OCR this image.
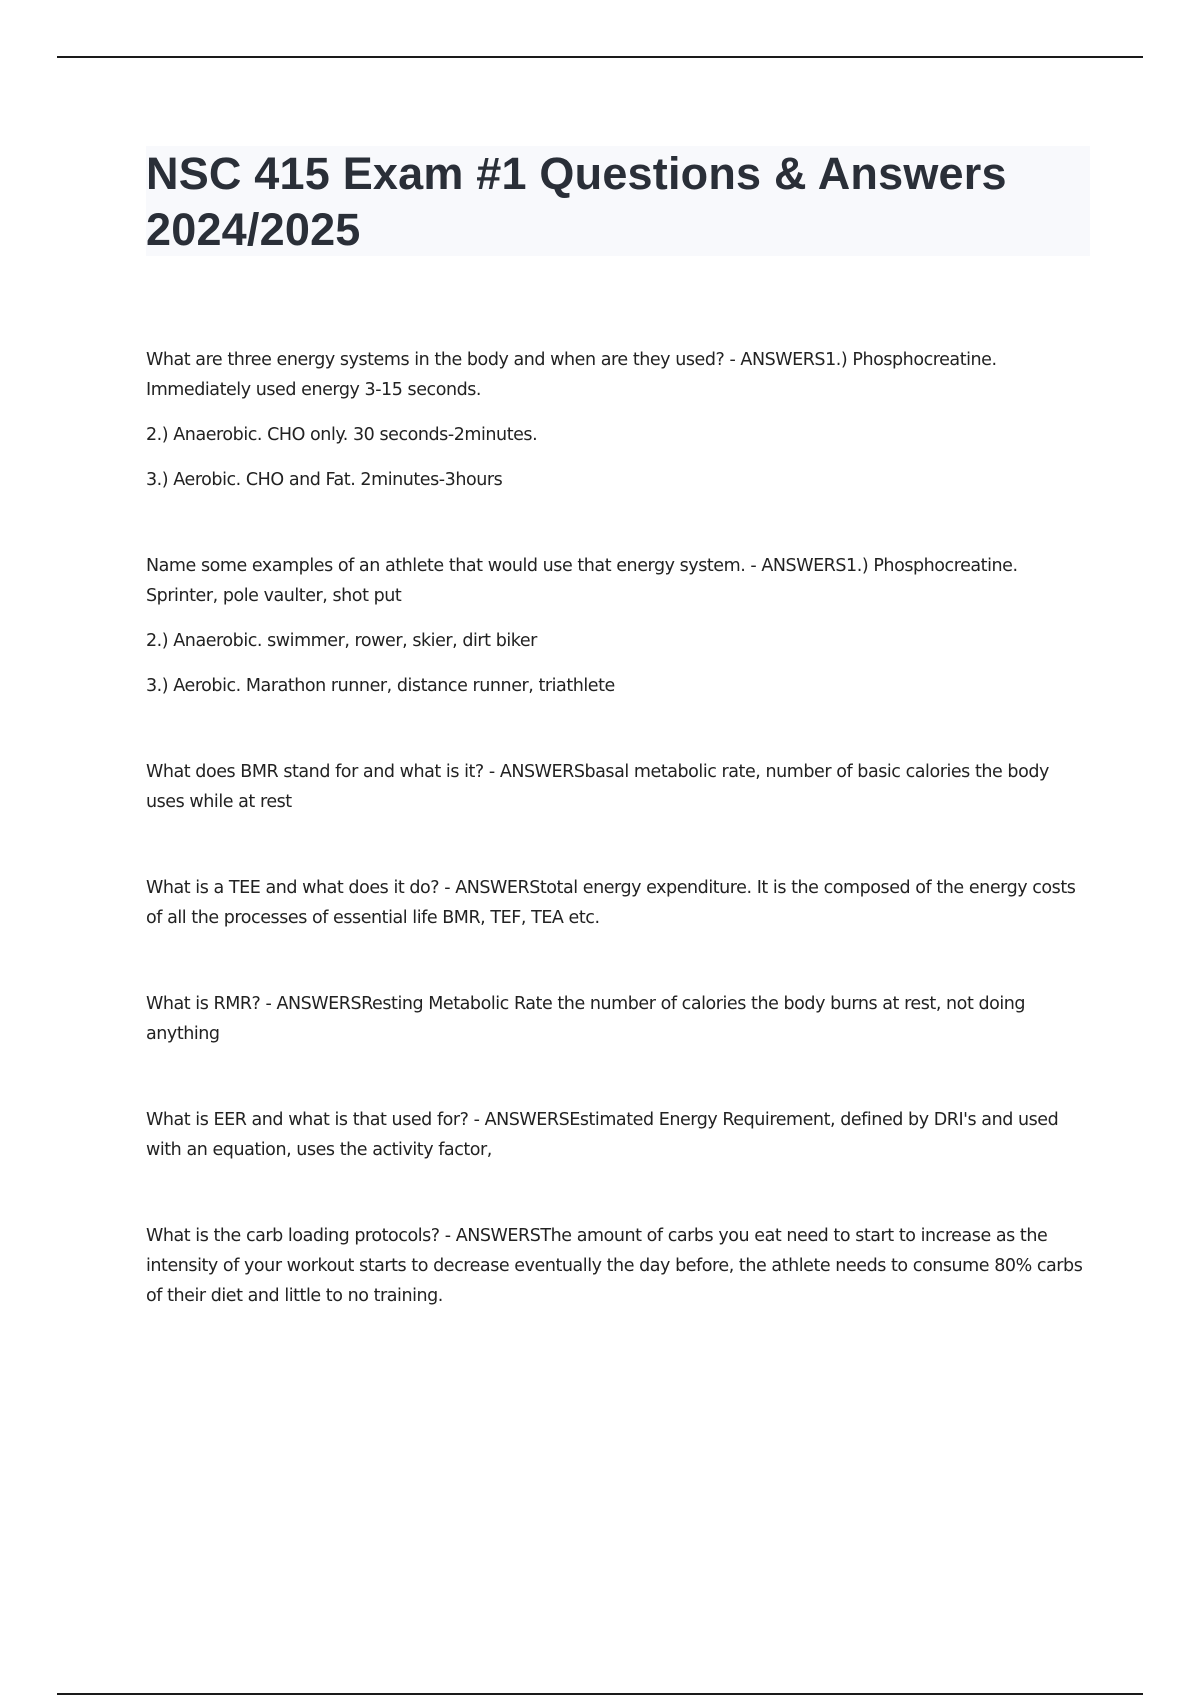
NSC 415 Exam #1 Questions & Answers 2024/2025

What are three energy systems in the body and when are they used? - ANSWERS1.) Phosphocreatine. Immediately used energy 3-15 seconds.

2.) Anaerobic. CHO only. 30 seconds-2minutes.

3.) Aerobic. CHO and Fat. 2minutes-3hours

Name some examples of an athlete that would use that energy system. - ANSWERS1.) Phosphocreatine. Sprinter, pole vaulter, shot put

2.) Anaerobic. swimmer, rower, skier, dirt biker

3.) Aerobic. Marathon runner, distance runner, triathlete

What does BMR stand for and what is it? - ANSWERSbasal metabolic rate, number of basic calories the body uses while at rest

What is a TEE and what does it do? - ANSWERStotal energy expenditure. It is the composed of the energy costs of all the processes of essential life BMR, TEF, TEA etc.

What is RMR? - ANSWERSResting Metabolic Rate the number of calories the body burns at rest, not doing anything

What is EER and what is that used for? - ANSWERSEstimated Energy Requirement, defined by DRI's and used with an equation, uses the activity factor,

What is the carb loading protocols? - ANSWERSThe amount of carbs you eat need to start to increase as the intensity of your workout starts to decrease eventually the day before, the athlete needs to consume 80% carbs of their diet and little to no training.
